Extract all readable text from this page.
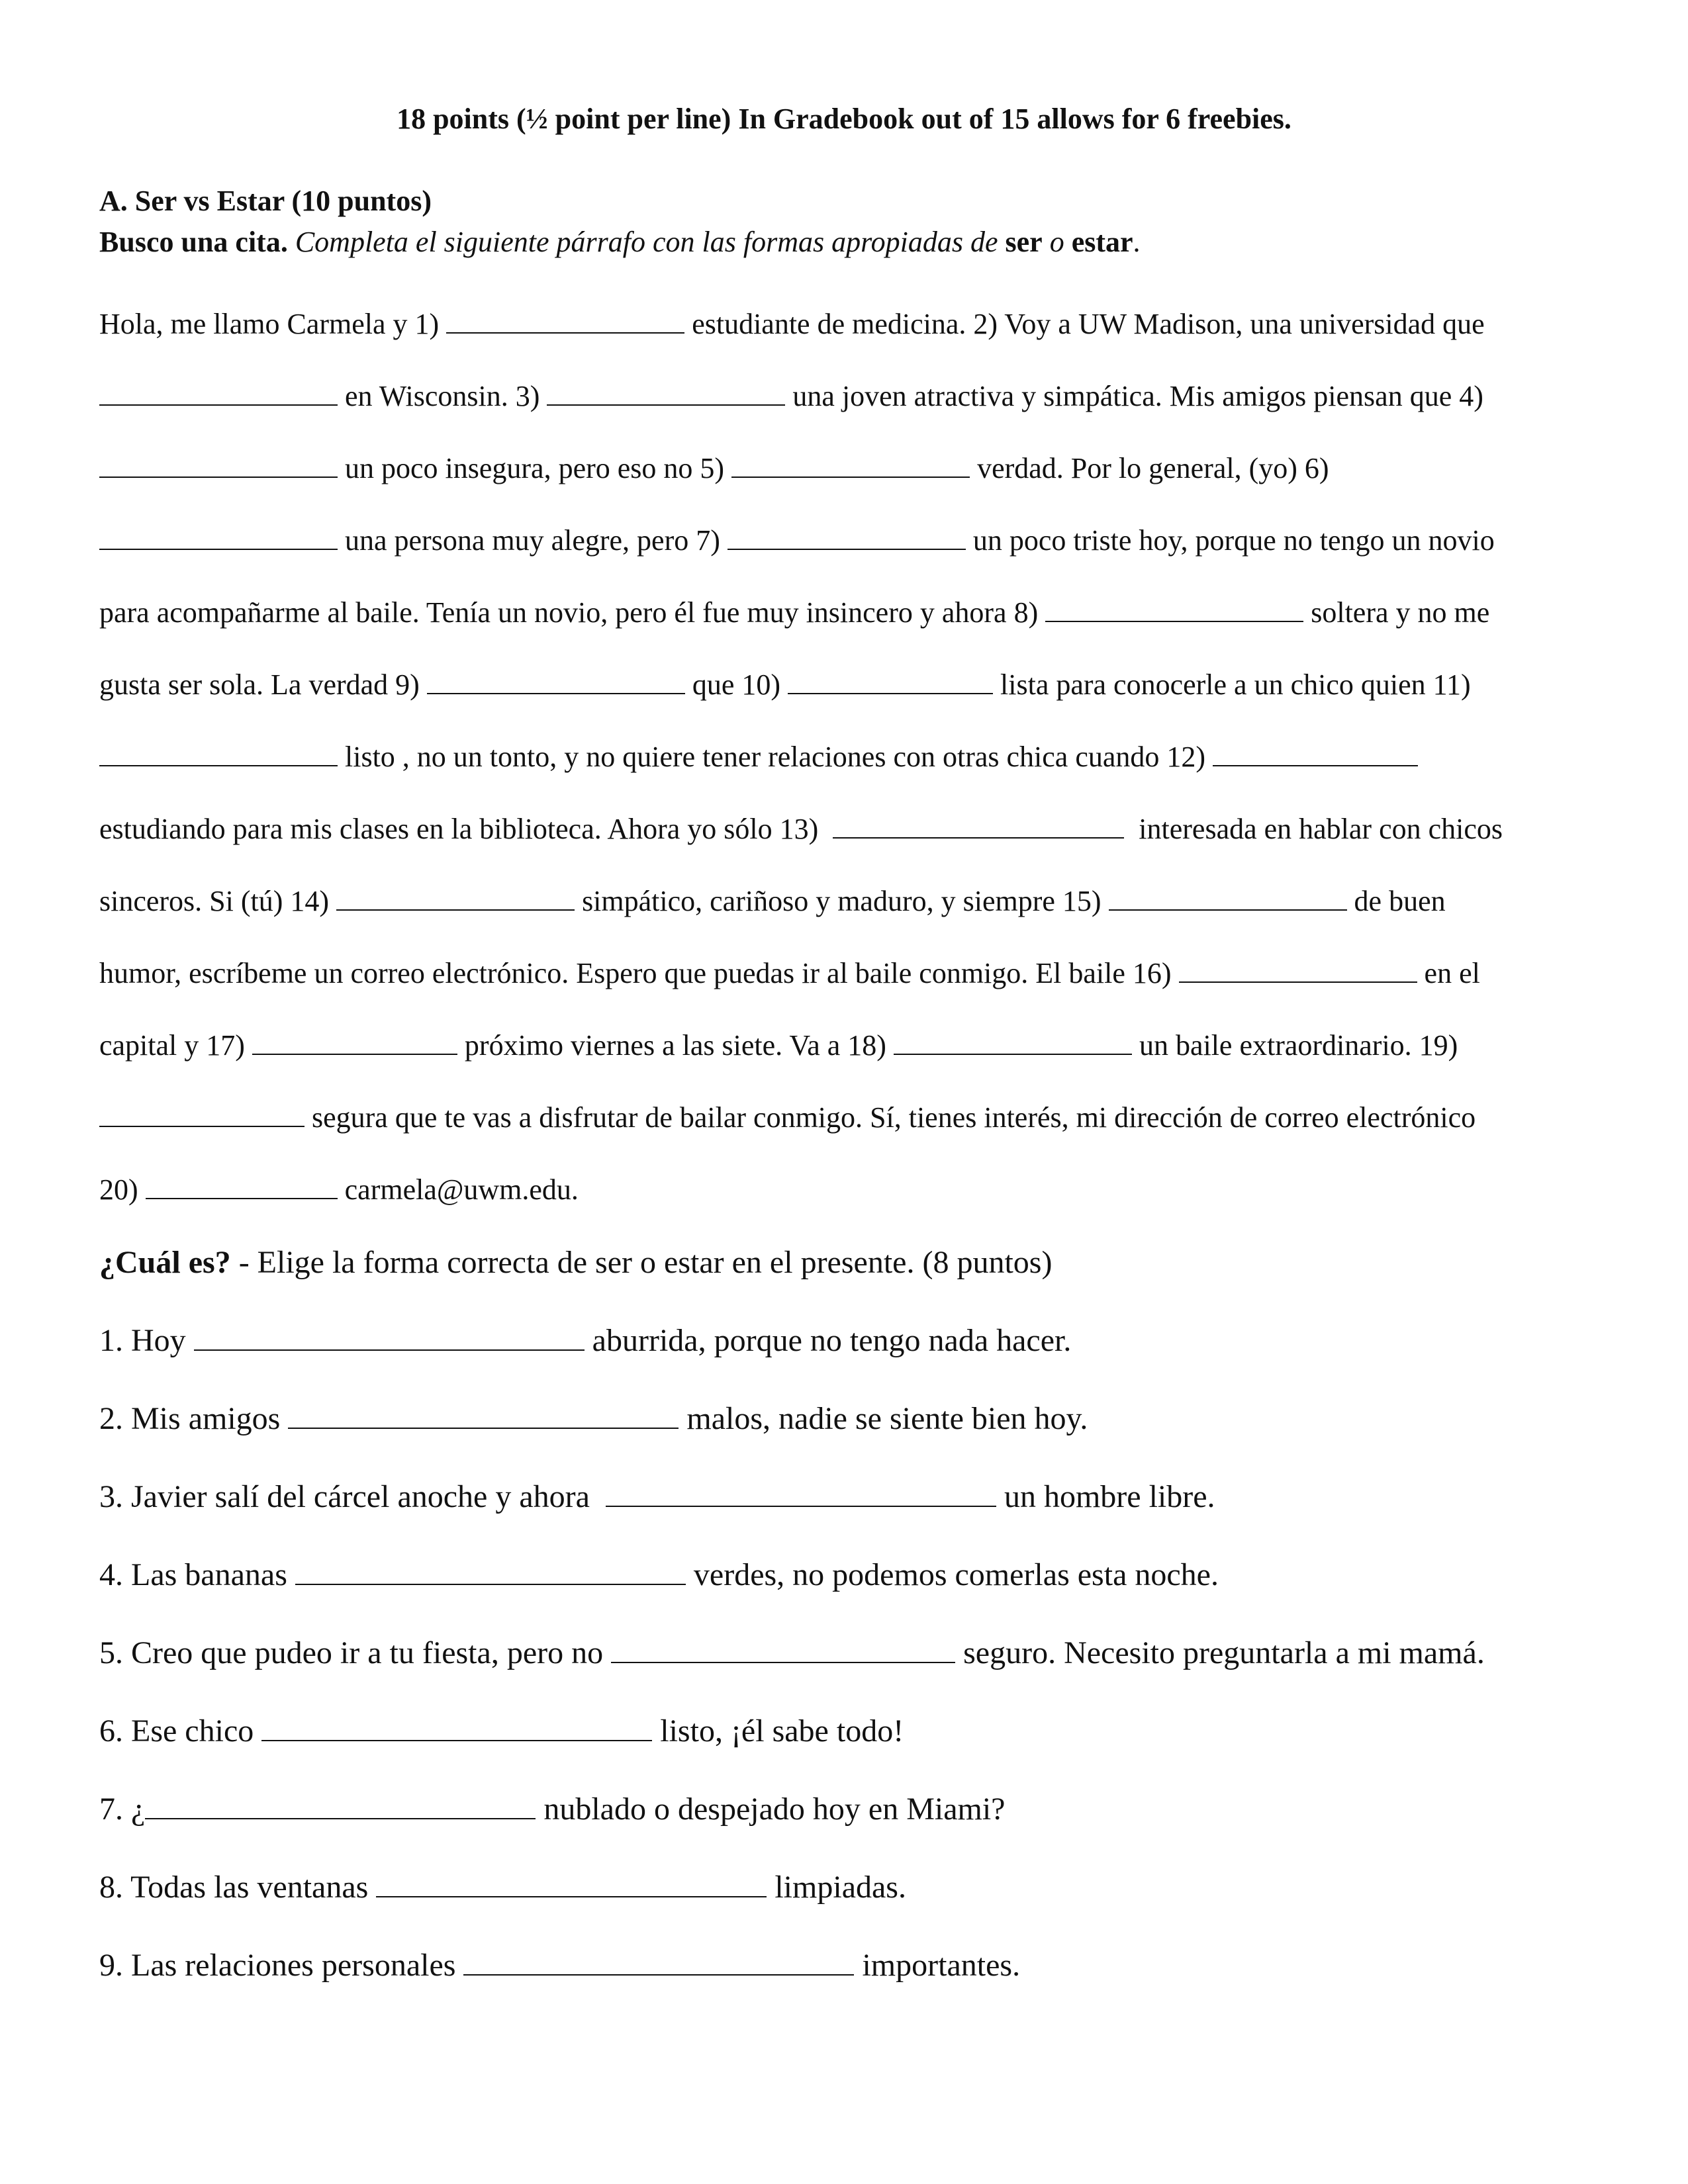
18 points (½ point per line) In Gradebook out of 15 allows for 6 freebies.
A. Ser vs Estar (10 puntos)
Busco una cita. Completa el siguiente párrafo con las formas apropiadas de ser o estar.
Hola, me llamo Carmela y 1)	estudiante de medicina. 2) Voy a UW Madison, una universidad que
en Wisconsin. 3)	una joven atractiva y simpática. Mis amigos piensan que 4)
un poco insegura, pero eso no 5)	verdad. Por lo general, (yo) 6)
una persona muy alegre, pero 7)	un poco triste hoy, porque no tengo un novio
para acompañarme al baile. Tenía un novio, pero él fue muy insincero y ahora 8)	soltera y no me
gusta ser sola. La verdad 9)	que 10)	lista para conocerle a un chico quien 11)
listo , no un tonto, y no quiere tener relaciones con otras chica cuando 12)
estudiando para mis clases en la biblioteca. Ahora yo sólo 13)	interesada en hablar con chicos
sinceros. Si (tú) 14)	simpático, cariñoso y maduro, y siempre 15)	de buen
humor, escríbeme un correo electrónico. Espero que puedas ir al baile conmigo. El baile 16)	en el
capital y 17)	próximo viernes a las siete. Va a 18)	un baile extraordinario. 19)
segura que te vas a disfrutar de bailar conmigo. Sí, tienes interés, mi dirección de correo electrónico
20)	carmela@uwm.edu.
¿Cuál es? - Elige la forma correcta de ser o estar en el presente. (8 puntos)
1. Hoy	aburrida, porque no tengo nada hacer.
2. Mis amigos	malos, nadie se siente bien hoy.
3. Javier salí del cárcel anoche y ahora	un hombre libre.
4. Las bananas	verdes, no podemos comerlas esta noche.
5. Creo que pudeo ir a tu fiesta, pero no	seguro. Necesito preguntarla a mi mamá.
6. Ese chico	listo, ¡él sabe todo!
7. ¿	nublado o despejado hoy en Miami?
8. Todas las ventanas	limpiadas.
9. Las relaciones personales	importantes.
